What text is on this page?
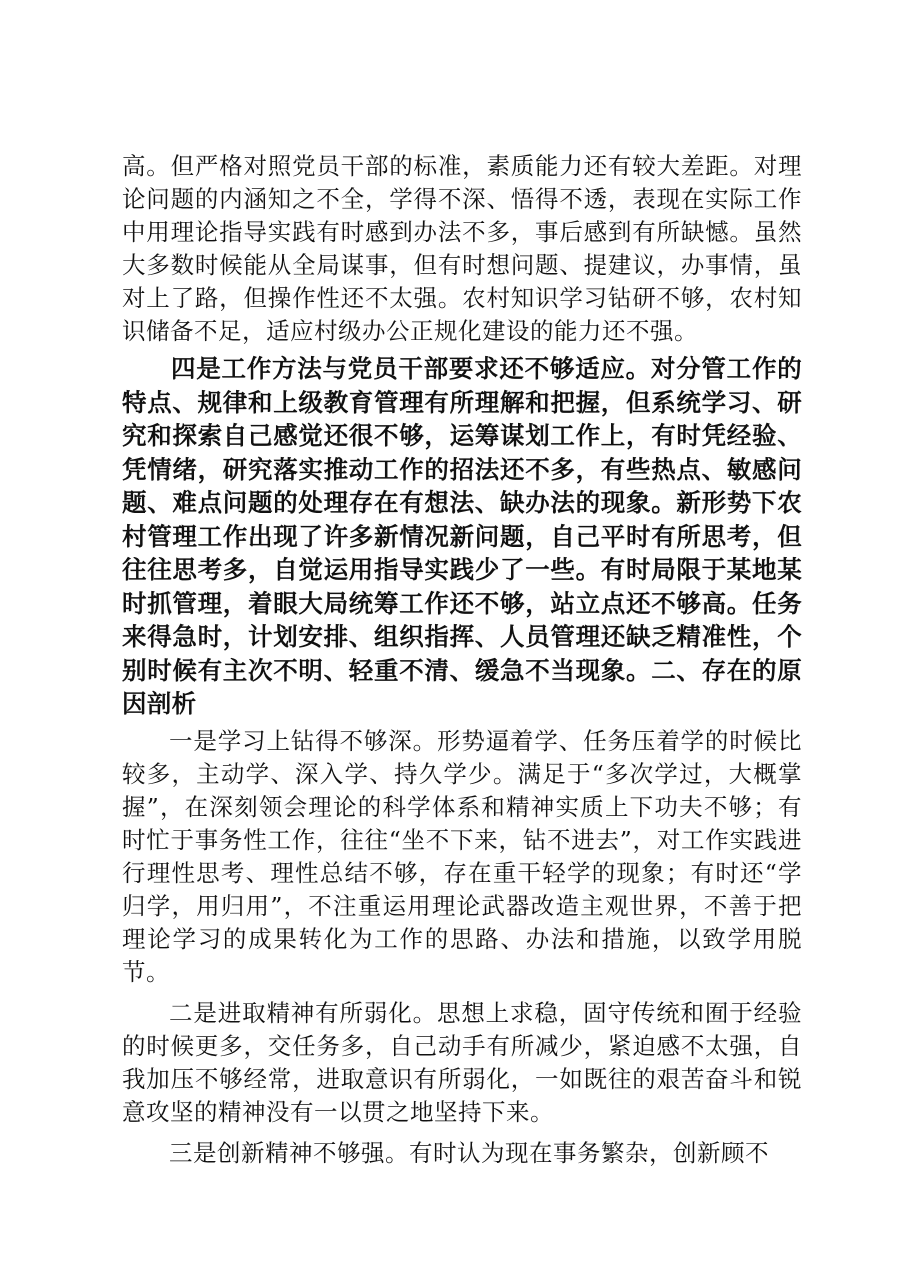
高。但严格对照党员干部的标准，素质能力还有较大差距。对理论问题的内涵知之不全，学得不深、悟得不透，表现在实际工作中用理论指导实践有时感到办法不多，事后感到有所缺憾。虽然大多数时候能从全局谋事，但有时想问题、提建议，办事情，虽对上了路，但操作性还不太强。农村知识学习钻研不够，农村知识储备不足，适应村级办公正规化建设的能力还不强。

四是工作方法与党员干部要求还不够适应。对分管工作的特点、规律和上级教育管理有所理解和把握，但系统学习、研究和探索自己感觉还很不够，运筹谋划工作上，有时凭经验、凭情绪，研究落实推动工作的招法还不多，有些热点、敏感问题、难点问题的处理存在有想法、缺办法的现象。新形势下农村管理工作出现了许多新情况新问题，自己平时有所思考，但往往思考多，自觉运用指导实践少了一些。有时局限于某地某时抓管理，着眼大局统筹工作还不够，站立点还不够高。任务来得急时，计划安排、组织指挥、人员管理还缺乏精准性，个别时候有主次不明、轻重不清、缓急不当现象。二、存在的原因剖析

一是学习上钻得不够深。形势逼着学、任务压着学的时候比较多，主动学、深入学、持久学少。满足于“多次学过，大概掌握”，在深刻领会理论的科学体系和精神实质上下功夫不够；有时忙于事务性工作，往往“坐不下来，钻不进去”，对工作实践进行理性思考、理性总结不够，存在重干轻学的现象；有时还“学归学，用归用”，不注重运用理论武器改造主观世界，不善于把理论学习的成果转化为工作的思路、办法和措施，以致学用脱节。

二是进取精神有所弱化。思想上求稳，固守传统和囿于经验的时候更多，交任务多，自己动手有所减少，紧迫感不太强，自我加压不够经常，进取意识有所弱化，一如既往的艰苦奋斗和锐意攻坚的精神没有一以贯之地坚持下来。

三是创新精神不够强。有时认为现在事务繁杂，创新顾不
